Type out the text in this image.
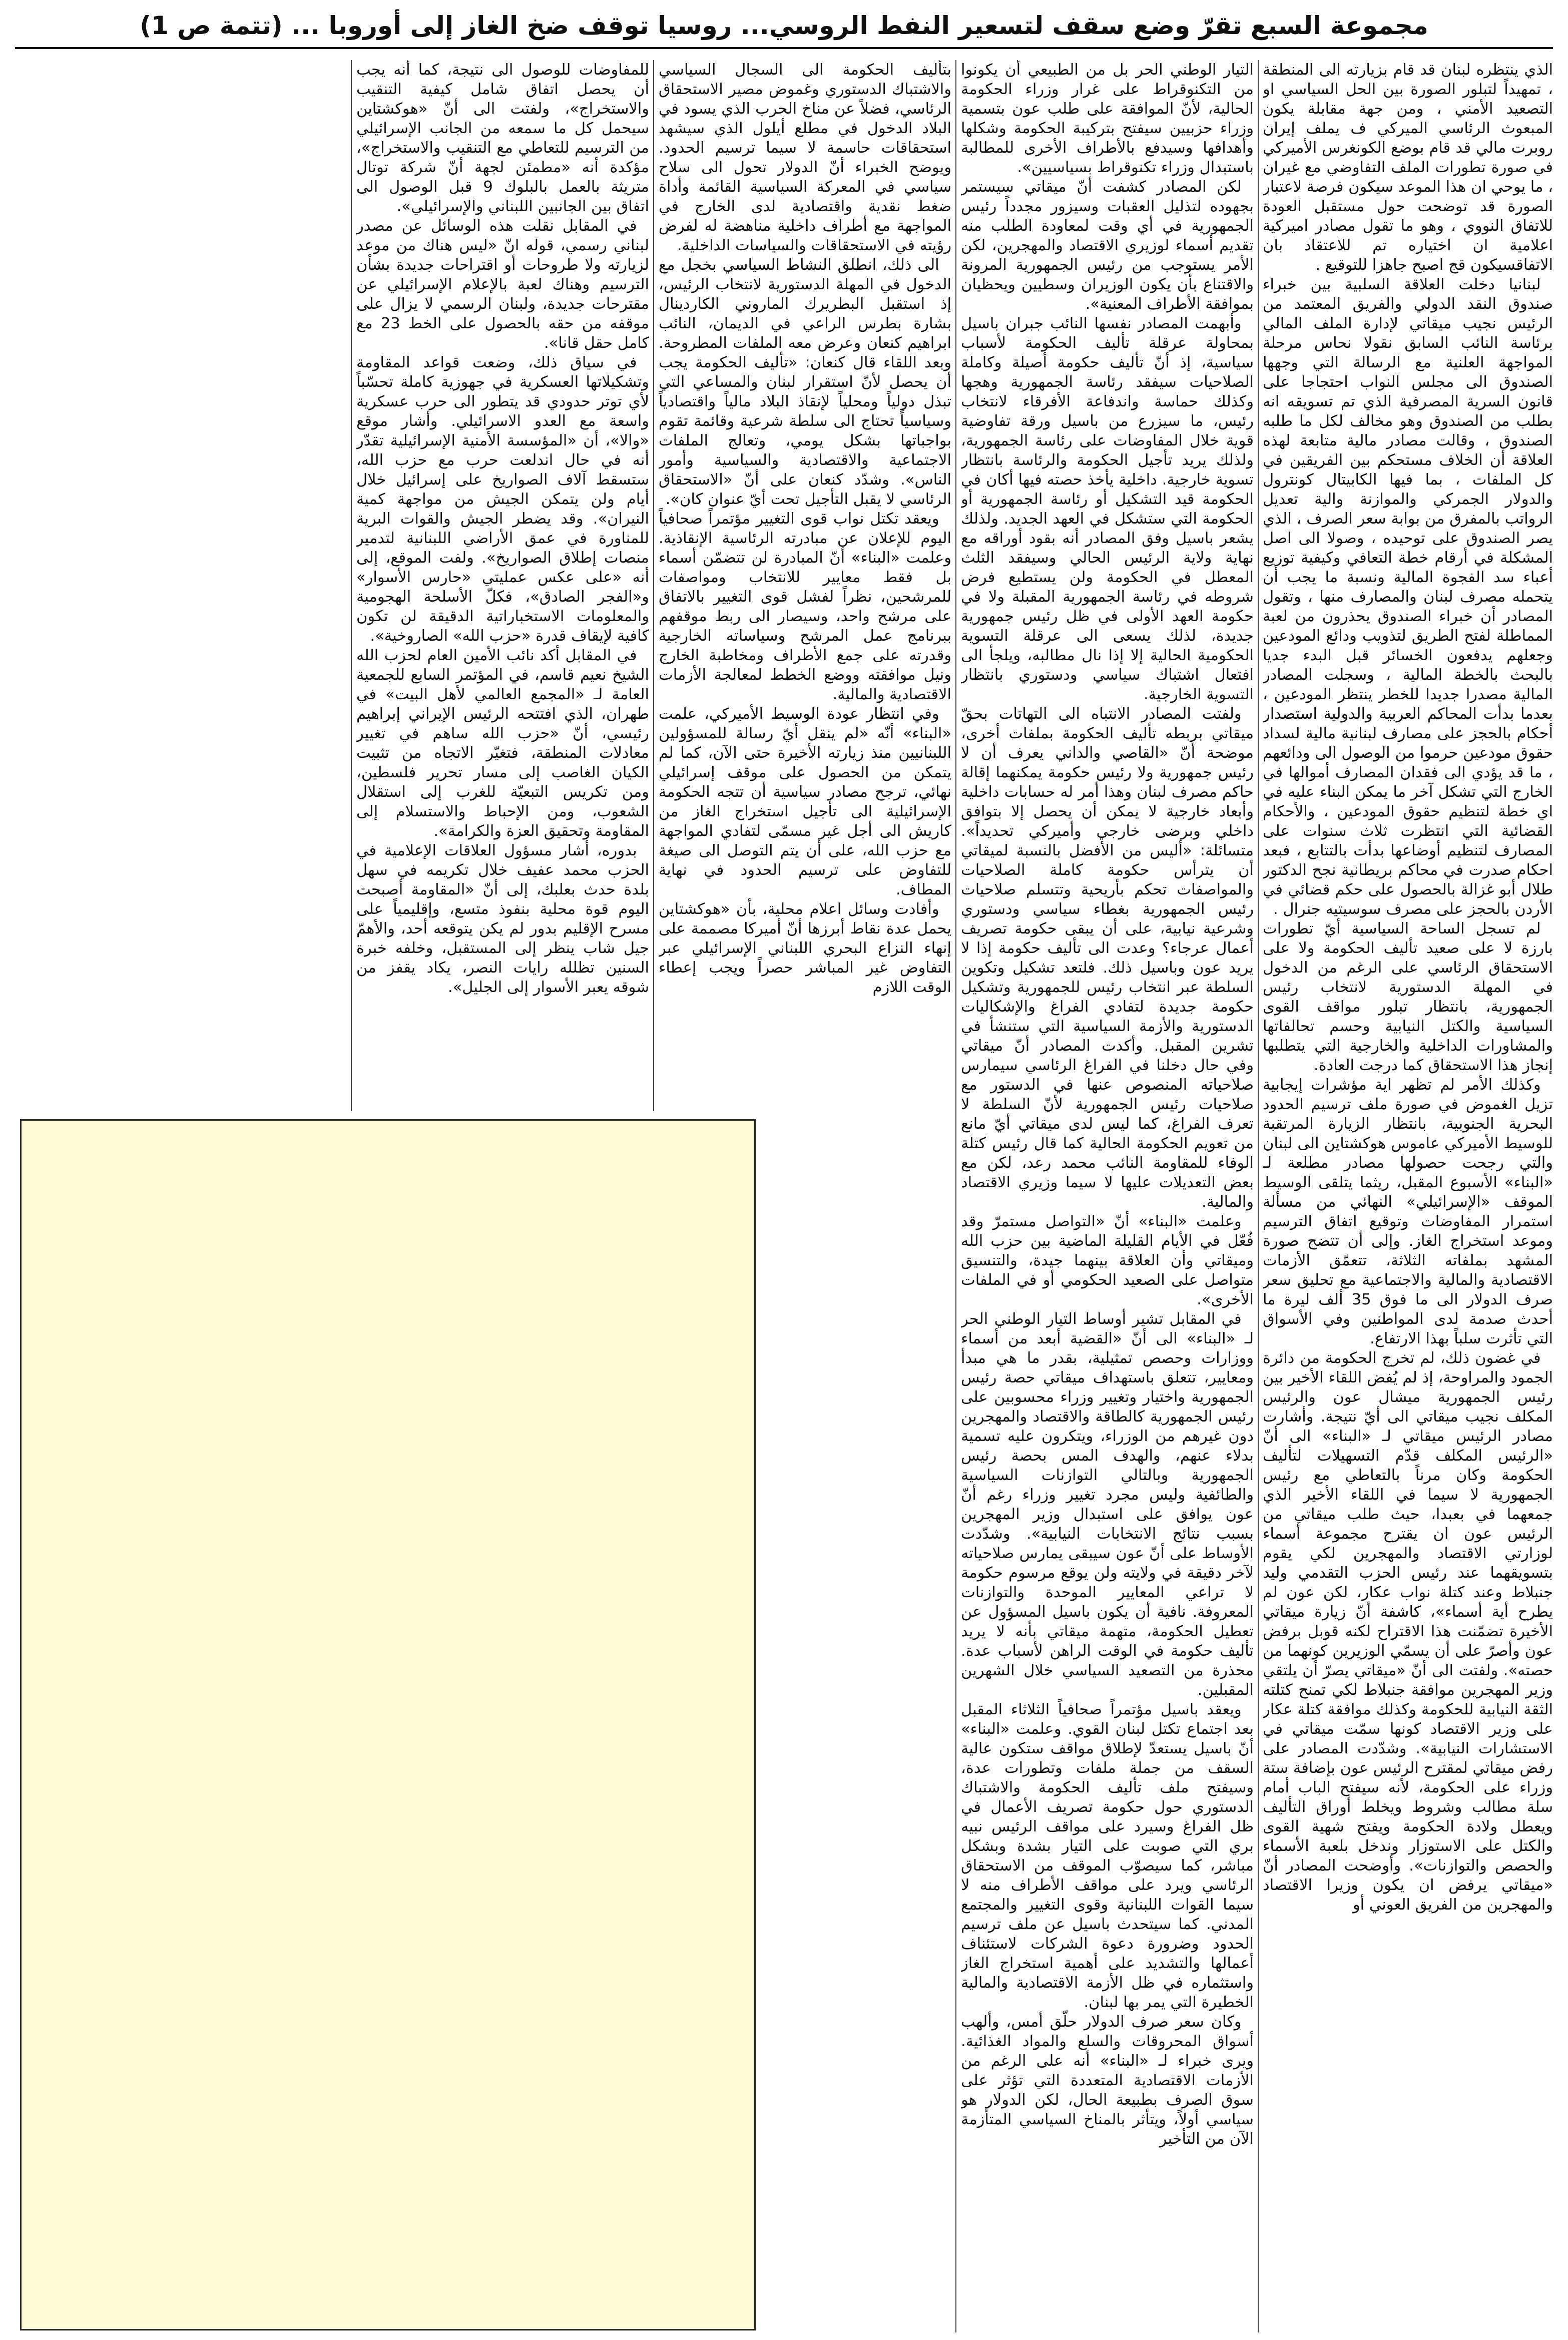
مجموعة السبع تقرّ وضع سقف لتسعير النفط الروسي... روسيا توقف ضخ الغاز إلى أوروبا ... (تتمة ص 1)

الذي ينتظره لبنان قد قام بزيارته الى المنطقة ، تمهيداً لتبلور الصورة بين الحل السياسي او التصعيد الأمني ، ومن جهة مقابلة يكون المبعوث الرئاسي الميركي ف يملف إيران روبرت مالي قد قام بوضع الكونغرس الأميركي في صورة تطورات الملف التفاوضي مع غيران ، ما يوحي ان هذا الموعد سيكون فرصة لاعتبار الصورة قد توضحت حول مستقبل العودة للاتفاق النووي ، وهو ما تقول مصادر اميركية اعلامية ان اختياره تم للاعتقاد بان الاتفاقسيكون قج اصبح جاهزا للتوقيع .

لبنانيا دخلت العلاقة السلبية بين خبراء صندوق النقد الدولي والفريق المعتمد من الرئيس نجيب ميقاتي لإدارة الملف المالي برئاسة النائب السابق نقولا نحاس مرحلة المواجهة العلنية مع الرسالة التي وجهها الصندوق الى مجلس النواب احتجاجا على قانون السرية المصرفية الذي تم تسويقه انه بطلب من الصندوق وهو مخالف لكل ما طلبه الصندوق ، وقالت مصادر مالية متابعة لهذه العلاقة أن الخلاف مستحكم بين الفريقين في كل الملفات ، بما فيها الكابيتال كونترول والدولار الجمركي والموازنة والية تعديل الرواتب بالمفرق من بوابة سعر الصرف ، الذي يصر الصندوق على توحيده ، وصولا الى اصل المشكلة في أرقام خطة التعافي وكيفية توزيع أعباء سد الفجوة المالية ونسبة ما يجب أن يتحمله مصرف لبنان والمصارف منها ، وتقول المصادر أن خبراء الصندوق يحذرون من لعبة المماطلة لفتح الطريق لتذويب ودائع المودعين وجعلهم يدفعون الخسائر قبل البدء جديا بالبحث بالخطة المالية ، وسجلت المصادر المالية مصدرا جديدا للخطر ينتظر المودعين ، بعدما بدأت المحاكم العربية والدولية استصدار أحكام بالحجز على مصارف لبنانية مالية لسداد حقوق مودعين حرموا من الوصول الى ودائعهم ، ما قد يؤدي الى فقدان المصارف أموالها في الخارج التي تشكل آخر ما يمكن البناء عليه في اي خطة لتنظيم حقوق المودعين ، والأحكام القضائية التي انتظرت ثلاث سنوات على المصارف لتنظيم أوضاعها بدأت بالتتابع ، فبعد احكام صدرت في محاكم بريطانية نجح الدكتور طلال أبو غزالة بالحصول على حكم قضائي في الأردن بالحجز على مصرف سوسيتيه جنرال .

لم تسجل الساحة السياسية أيّ تطورات بارزة لا على صعيد تأليف الحكومة ولا على الاستحقاق الرئاسي على الرغم من الدخول في المهلة الدستورية لانتخاب رئيس الجمهورية، بانتظار تبلور مواقف القوى السياسية والكتل النيابية وحسم تحالفاتها والمشاورات الداخلية والخارجية التي يتطلبها إنجاز هذا الاستحقاق كما درجت العادة.

وكذلك الأمر لم تظهر اية مؤشرات إيجابية تزيل الغموض في صورة ملف ترسيم الحدود البحرية الجنوبية، بانتظار الزيارة المرتقبة للوسيط الأميركي عاموس هوكشتاين الى لبنان والتي رجحت حصولها مصادر مطلعة لـ «البناء» الأسبوع المقبل، ريثما يتلقى الوسيط الموقف «الإسرائيلي» النهائي من مسألة استمرار المفاوضات وتوقيع اتفاق الترسيم وموعد استخراج الغاز. وإلى أن تتضح صورة المشهد بملفاته الثلاثة، تتعمّق الأزمات الاقتصادية والمالية والاجتماعية مع تحليق سعر صرف الدولار الى ما فوق 35 ألف ليرة ما أحدث صدمة لدى المواطنين وفي الأسواق التي تأثرت سلباً بهذا الارتفاع.

في غضون ذلك، لم تخرج الحكومة من دائرة الجمود والمراوحة، إذ لم يُفض اللقاء الأخير بين رئيس الجمهورية ميشال عون والرئيس المكلف نجيب ميقاتي الى أيّ نتيجة. وأشارت مصادر الرئيس ميقاتي لـ «البناء» الى أنّ «الرئيس المكلف قدّم التسهيلات لتأليف الحكومة وكان مرناً بالتعاطي مع رئيس الجمهورية لا سيما في اللقاء الأخير الذي جمعهما في بعبدا، حيث طلب ميقاتي من الرئيس عون ان يقترح مجموعة أسماء لوزارتي الاقتصاد والمهجرين لكي يقوم بتسويقهما عند رئيس الحزب التقدمي وليد جنبلاط وعند كتلة نواب عكار، لكن عون لم يطرح أية أسماء»، كاشفة أنّ زيارة ميقاتي الأخيرة تضمّنت هذا الاقتراح لكنه قوبل برفض عون وأصرّ على أن يسمّي الوزيرين كونهما من حصته». ولفتت الى أنّ «ميقاتي يصرّ أن يلتقي وزير المهجرين موافقة جنبلاط لكي تمنح كتلته الثقة النيابية للحكومة وكذلك موافقة كتلة عكار على وزير الاقتصاد كونها سمّت ميقاتي في الاستشارات النيابية». وشدّدت المصادر على رفض ميقاتي لمقترح الرئيس عون بإضافة ستة وزراء على الحكومة، لأنه سيفتح الباب أمام سلة مطالب وشروط ويخلط أوراق التأليف ويعطل ولادة الحكومة ويفتح شهية القوى والكتل على الاستوزار وندخل بلعبة الأسماء والحصص والتوازنات». وأوضحت المصادر أنّ «ميقاتي يرفض ان يكون وزيرا الاقتصاد والمهجرين من الفريق العوني أو

التيار الوطني الحر بل من الطبيعي أن يكونوا من التكنوقراط على غرار وزراء الحكومة الحالية، لأنّ الموافقة على طلب عون بتسمية وزراء حزبيين سيفتح بتركيبة الحكومة وشكلها وأهدافها وسيدفع بالأطراف الأخرى للمطالبة باستبدال وزراء تكنوقراط بسياسيين».

لكن المصادر كشفت أنّ ميقاتي سيستمر بجهوده لتذليل العقبات وسيزور مجدداً رئيس الجمهورية في أي وقت لمعاودة الطلب منه تقديم أسماء لوزيري الاقتصاد والمهجرين، لكن الأمر يستوجب من رئيس الجمهورية المرونة والاقتناع بأن يكون الوزيران وسطيين ويحظيان بموافقة الأطراف المعنية».

وأبهمت المصادر نفسها النائب جبران باسيل بمحاولة عرقلة تأليف الحكومة لأسباب سياسية، إذ أنّ تأليف حكومة أصيلة وكاملة الصلاحيات سيفقد رئاسة الجمهورية وهجها وكذلك حماسة واندفاعة الأفرقاء لانتخاب رئيس، ما سيزرع من باسيل ورقة تفاوضية قوية خلال المفاوضات على رئاسة الجمهورية، ولذلك يريد تأجيل الحكومة والرئاسة بانتظار تسوية خارجية. داخلية يأخذ حصته فيها أكان في الحكومة قيد التشكيل أو رئاسة الجمهورية أو الحكومة التي ستشكل في العهد الجديد. ولذلك يشعر باسيل وفق المصادر أنه بقود أوراقه مع نهاية ولاية الرئيس الحالي وسيفقد الثلث المعطل في الحكومة ولن يستطيع فرض شروطه في رئاسة الجمهورية المقبلة ولا في حكومة العهد الأولى في ظل رئيس جمهورية جديدة، لذلك يسعى الى عرقلة التسوية الحكومية الحالية إلا إذا نال مطالبه، ويلجأ الى افتعال اشتباك سياسي ودستوري بانتظار التسوية الخارجية.

ولفتت المصادر الانتباه الى التهاتات بحقّ ميقاتي بربطه تأليف الحكومة بملفات أخرى، موضحة أنّ «القاصي والداني يعرف أن لا رئيس جمهورية ولا رئيس حكومة يمكنهما إقالة حاكم مصرف لبنان وهذا أمر له حسابات داخلية وأبعاد خارجية لا يمكن أن يحصل إلا بتوافق داخلي وبرضى خارجي وأميركي تحديداً». متسائلة: «أليس من الأفضل بالنسبة لميقاتي أن يترأس حكومة كاملة الصلاحيات والمواصفات تحكم بأريحية وتتسلم صلاحيات رئيس الجمهورية بغطاء سياسي ودستوري وشرعية نيابية، على أن يبقى حكومة تصريف أعمال عرجاء؟ وعدت الى تأليف حكومة إذا لا يريد عون وباسيل ذلك. فلتعد تشكيل وتكوين السلطة عبر انتخاب رئيس للجمهورية وتشكيل حكومة جديدة لتفادي الفراغ والإشكاليات الدستورية والأزمة السياسية التي ستنشأ في تشرين المقبل. وأكدت المصادر أنّ ميقاتي وفي حال دخلنا في الفراغ الرئاسي سيمارس صلاحياته المنصوص عنها في الدستور مع صلاحيات رئيس الجمهورية لأنّ السلطة لا تعرف الفراغ، كما ليس لدى ميقاتي أيّ مانع من تعويم الحكومة الحالية كما قال رئيس كتلة الوفاء للمقاومة النائب محمد رعد، لكن مع بعض التعديلات عليها لا سيما وزيري الاقتصاد والمالية.

وعلمت «البناء» أنّ «التواصل مستمرّ وقد فُعّل في الأيام القليلة الماضية بين حزب الله وميقاتي وأن العلاقة بينهما جيدة، والتنسيق متواصل على الصعيد الحكومي أو في الملفات الأخرى».

في المقابل تشير أوساط التيار الوطني الحر لـ «البناء» الى أنّ «القضية أبعد من أسماء ووزارات وحصص تمثيلية، بقدر ما هي مبدأ ومعايير، تتعلق باستهداف ميقاتي حصة رئيس الجمهورية واختيار وتغيير وزراء محسوبين على رئيس الجمهورية كالطاقة والاقتصاد والمهجرين دون غيرهم من الوزراء، ويتكرون عليه تسمية بدلاء عنهم، والهدف المس بحصة رئيس الجمهورية وبالتالي التوازنات السياسية والطائفية وليس مجرد تغيير وزراء رغم أنّ عون يوافق على استبدال وزير المهجرين بسبب نتائج الانتخابات النيابية». وشدّدت الأوساط على أنّ عون سيبقى يمارس صلاحياته لآخر دقيقة في ولايته ولن يوقع مرسوم حكومة لا تراعي المعايير الموحدة والتوازنات المعروفة. نافية أن يكون باسيل المسؤول عن تعطيل الحكومة، متهمة ميقاتي بأنه لا يريد تأليف حكومة في الوقت الراهن لأسباب عدة. محذرة من التصعيد السياسي خلال الشهرين المقبلين.

ويعقد باسيل مؤتمراً صحافياً الثلاثاء المقبل بعد اجتماع تكتل لبنان القوي. وعلمت «البناء» أنّ باسيل يستعدّ لإطلاق مواقف ستكون عالية السقف من جملة ملفات وتطورات عدة، وسيفتح ملف تأليف الحكومة والاشتباك الدستوري حول حكومة تصريف الأعمال في ظل الفراغ وسيرد على مواقف الرئيس نبيه بري التي صوبت على التيار بشدة وبشكل مباشر، كما سيصوّب الموقف من الاستحقاق الرئاسي ويرد على مواقف الأطراف منه لا سيما القوات اللبنانية وقوى التغيير والمجتمع المدني. كما سيتحدث باسيل عن ملف ترسيم الحدود وضرورة دعوة الشركات لاستئناف أعمالها والتشديد على أهمية استخراج الغاز واستثماره في ظل الأزمة الاقتصادية والمالية الخطيرة التي يمر بها لبنان.

وكان سعر صرف الدولار حلّق أمس، وألهب أسواق المحروقات والسلع والمواد الغذائية. ويرى خبراء لـ «البناء» أنه على الرغم من الأزمات الاقتصادية المتعددة التي تؤثر على سوق الصرف بطبيعة الحال، لكن الدولار هو سياسي أولاً، ويتأثر بالمناخ السياسي المتأزمة الآن من التأخير

بتأليف الحكومة الى السجال السياسي والاشتباك الدستوري وغموض مصير الاستحقاق الرئاسي، فضلاً عن مناخ الحرب الذي يسود في البلاد الدخول في مطلع أيلول الذي سيشهد استحقاقات حاسمة لا سيما ترسيم الحدود. ويوضح الخبراء أنّ الدولار تحول الى سلاح سياسي في المعركة السياسية القائمة وأداة ضغط نقدية واقتصادية لدى الخارج في المواجهة مع أطراف داخلية مناهضة له لفرض رؤيته في الاستحقاقات والسياسات الداخلية.

الى ذلك، انطلق النشاط السياسي بخجل مع الدخول في المهلة الدستورية لانتخاب الرئيس، إذ استقبل البطريرك الماروني الكاردينال بشارة بطرس الراعي في الديمان، النائب ابراهيم كنعان وعرض معه الملفات المطروحة. وبعد اللقاء قال كنعان: «تأليف الحكومة يجب أن يحصل لأنّ استقرار لبنان والمساعي التي تبذل دولياً ومحلياً لإنقاذ البلاد مالياً واقتصادياً وسياسياً تحتاج الى سلطة شرعية وقائمة تقوم بواجباتها بشكل يومي، وتعالج الملفات الاجتماعية والاقتصادية والسياسية وأمور الناس». وشدّد كنعان على أنّ «الاستحقاق الرئاسي لا يقبل التأجيل تحت أيّ عنوان كان».

ويعقد تكتل نواب قوى التغيير مؤتمراً صحافياً اليوم للإعلان عن مبادرته الرئاسية الإنقاذية. وعلمت «البناء» أنّ المبادرة لن تتضمّن أسماء بل فقط معايير للانتخاب ومواصفات للمرشحين، نظراً لفشل قوى التغيير بالاتفاق على مرشح واحد، وسيصار الى ربط موقفهم ببرنامج عمل المرشح وسياساته الخارجية وقدرته على جمع الأطراف ومخاطبة الخارج ونيل موافقته ووضع الخطط لمعالجة الأزمات الاقتصادية والمالية.

وفي انتظار عودة الوسيط الأميركي، علمت «البناء» أنّه «لم ينقل أيّ رسالة للمسؤولين اللبنانيين منذ زيارته الأخيرة حتى الآن، كما لم يتمكن من الحصول على موقف إسرائيلي نهائي، ترجح مصادر سياسية أن تتجه الحكومة الإسرائيلية الى تأجيل استخراج الغاز من كاريش الى أجل غير مسمّى لتفادي المواجهة مع حزب الله، على أن يتم التوصل الى صيغة للتفاوض على ترسيم الحدود في نهاية المطاف.

وأفادت وسائل اعلام محلية، بأن «هوكشتاين يحمل عدة نقاط أبرزها أنّ أميركا مصممة على إنهاء النزاع البحري اللبناني الإسرائيلي عبر التفاوض غير المباشر حصراً ويجب إعطاء الوقت اللازم

للمفاوضات للوصول الى نتيجة، كما أنه يجب أن يحصل اتفاق شامل كيفية التنقيب والاستخراج»، ولفتت الى أنّ «هوكشتاين سيحمل كل ما سمعه من الجانب الإسرائيلي من الترسيم للتعاطي مع التنقيب والاستخراج»، مؤكدة أنه «مطمئن لجهة أنّ شركة توتال متريثة بالعمل بالبلوك 9 قبل الوصول الى اتفاق بين الجانبين اللبناني والإسرائيلي».

في المقابل نقلت هذه الوسائل عن مصدر لبناني رسمي، قوله انّ «ليس هناك من موعد لزيارته ولا طروحات أو اقتراحات جديدة بشأن الترسيم وهناك لعبة بالإعلام الإسرائيلي عن مقترحات جديدة، ولبنان الرسمي لا يزال على موقفه من حقه بالحصول على الخط 23 مع كامل حقل قانا».

في سياق ذلك، وضعت قواعد المقاومة وتشكيلاتها العسكرية في جهوزية كاملة تحسّباً لأي توتر حدودي قد يتطور الى حرب عسكرية واسعة مع العدو الاسرائيلي. وأشار موقع «والا»، أن «المؤسسة الأمنية الإسرائيلية تقدّر أنه في حال اندلعت حرب مع حزب الله، ستسقط آلاف الصواريخ على إسرائيل خلال أيام ولن يتمكن الجيش من مواجهة كمية النيران». وقد يضطر الجيش والقوات البرية للمناورة في عمق الأراضي اللبنانية لتدمير منصات إطلاق الصواريخ». ولفت الموقع، إلى أنه «على عكس عمليتي «حارس الأسوار» و«الفجر الصادق»، فكلّ الأسلحة الهجومية والمعلومات الاستخباراتية الدقيقة لن تكون كافية لإيقاف قدرة «حزب الله» الصاروخية».

في المقابل أكد نائب الأمين العام لحزب الله الشيخ نعيم قاسم، في المؤتمر السابع للجمعية العامة لـ «المجمع العالمي لأهل البيت» في طهران، الذي افتتحه الرئيس الإيراني إبراهيم رئيسي، أنّ «حزب الله ساهم في تغيير معادلات المنطقة، فتغيّر الاتجاه من تثبيت الكيان الغاصب إلى مسار تحرير فلسطين، ومن تكريس التبعيّة للغرب إلى استقلال الشعوب، ومن الإحباط والاستسلام إلى المقاومة وتحقيق العزة والكرامة».

بدوره، أشار مسؤول العلاقات الإعلامية في الحزب محمد عفيف خلال تكريمه في سهل بلدة حدث بعلبك، إلى أنّ «المقاومة أصبحت اليوم قوة محلية بنفوذ متسع، وإقليمياً على مسرح الإقليم بدور لم يكن يتوقعه أحد، والأهمّ جيل شاب ينظر إلى المستقبل، وخلفه خبرة السنين تظلله رايات النصر، يكاد يقفز من شوقه يعبر الأسوار إلى الجليل».
